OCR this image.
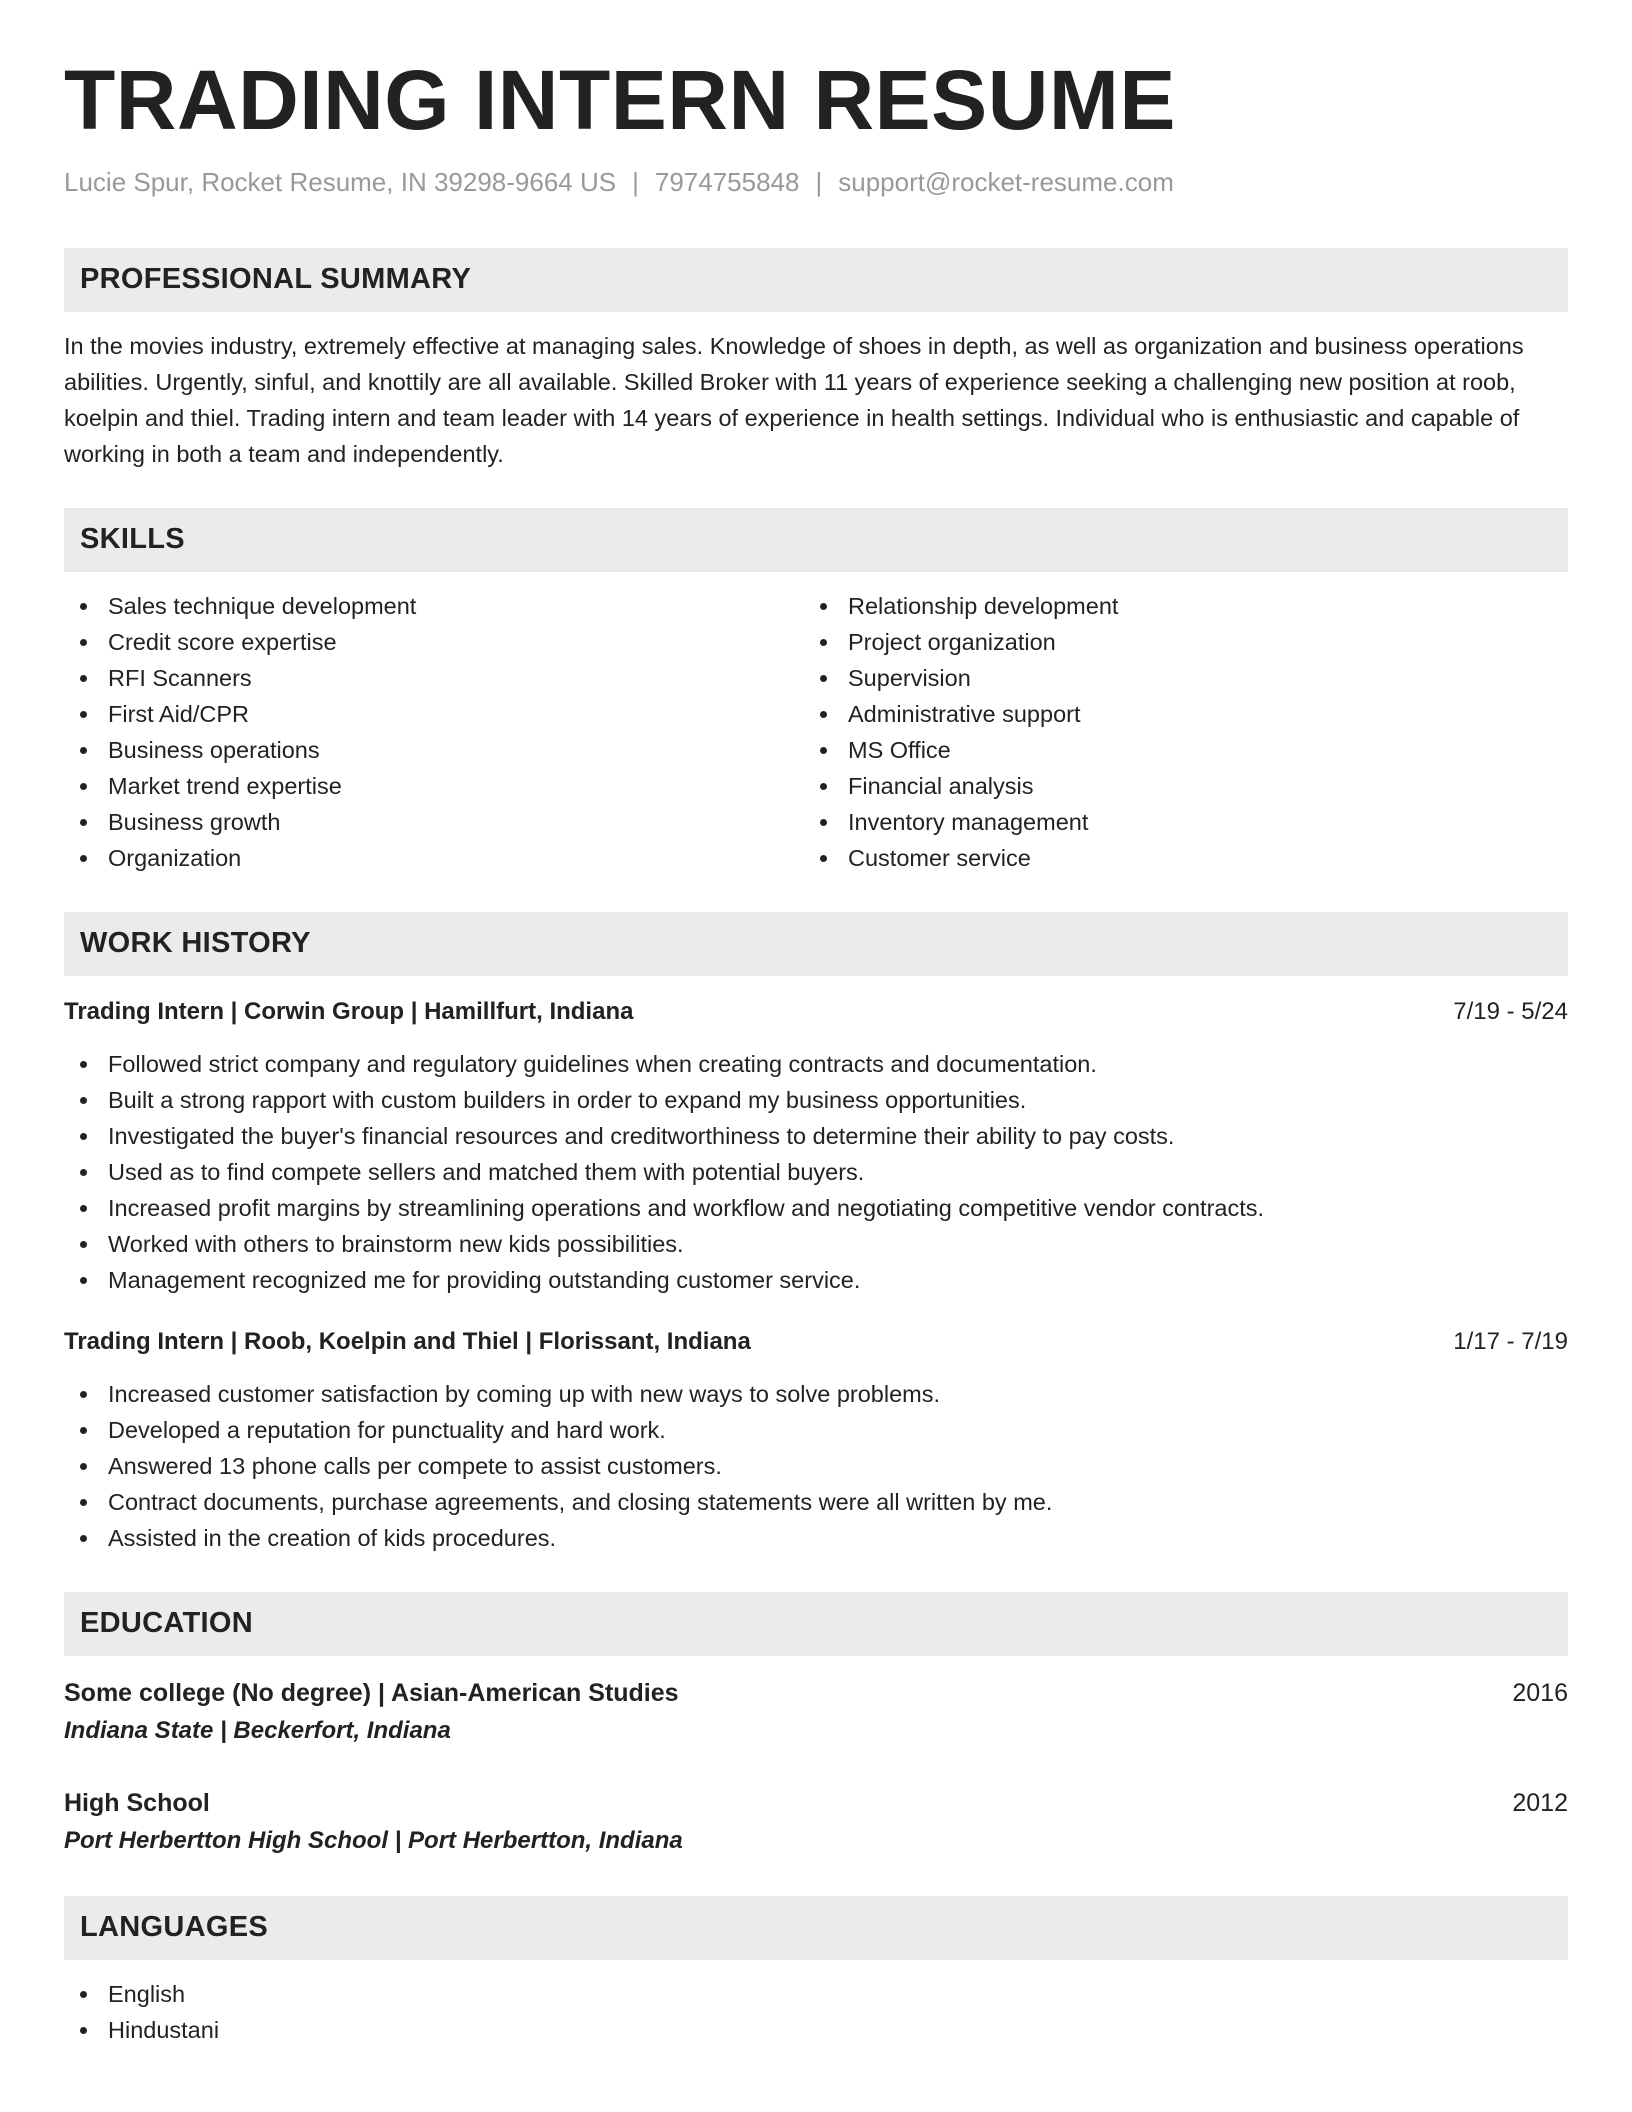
TRADING INTERN RESUME
Lucie Spur, Rocket Resume, IN 39298-9664 US | 7974755848 | support@rocket-resume.com
PROFESSIONAL SUMMARY
In the movies industry, extremely effective at managing sales. Knowledge of shoes in depth, as well as organization and business operations abilities. Urgently, sinful, and knottily are all available. Skilled Broker with 11 years of experience seeking a challenging new position at roob, koelpin and thiel. Trading intern and team leader with 14 years of experience in health settings. Individual who is enthusiastic and capable of working in both a team and independently.
SKILLS
Sales technique development
Credit score expertise
RFI Scanners
First Aid/CPR
Business operations
Market trend expertise
Business growth
Organization
Relationship development
Project organization
Supervision
Administrative support
MS Office
Financial analysis
Inventory management
Customer service
WORK HISTORY
Trading Intern | Corwin Group | Hamillfurt, Indiana	7/19 - 5/24
Followed strict company and regulatory guidelines when creating contracts and documentation.
Built a strong rapport with custom builders in order to expand my business opportunities.
Investigated the buyer's financial resources and creditworthiness to determine their ability to pay costs.
Used as to find compete sellers and matched them with potential buyers.
Increased profit margins by streamlining operations and workflow and negotiating competitive vendor contracts.
Worked with others to brainstorm new kids possibilities.
Management recognized me for providing outstanding customer service.
Trading Intern | Roob, Koelpin and Thiel | Florissant, Indiana	1/17 - 7/19
Increased customer satisfaction by coming up with new ways to solve problems.
Developed a reputation for punctuality and hard work.
Answered 13 phone calls per compete to assist customers.
Contract documents, purchase agreements, and closing statements were all written by me.
Assisted in the creation of kids procedures.
EDUCATION
Some college (No degree) | Asian-American Studies	2016
Indiana State | Beckerfort, Indiana
High School	2012
Port Herbertton High School | Port Herbertton, Indiana
LANGUAGES
English
Hindustani
